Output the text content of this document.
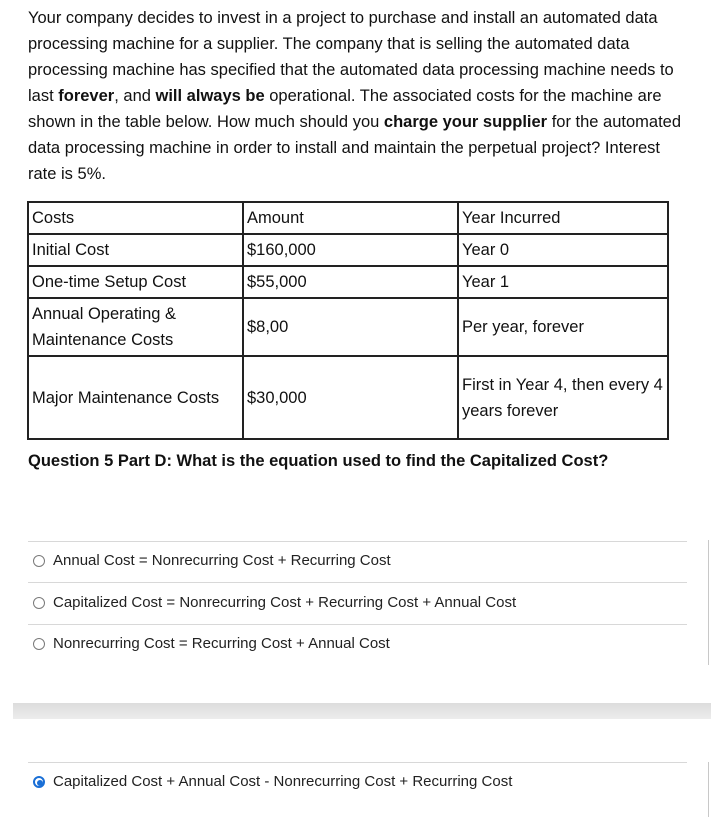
Your company decides to invest in a project to purchase and install an automated data processing machine for a supplier. The company that is selling the automated data processing machine has specified that the automated data processing machine needs to last forever, and will always be operational. The associated costs for the machine are shown in the table below. How much should you charge your supplier for the automated data processing machine in order to install and maintain the perpetual project? Interest rate is 5%.

Costs	Amount	Year Incurred
Initial Cost	$160,000	Year 0
One-time Setup Cost	$55,000	Year 1
Annual Operating & Maintenance Costs	$8,00	Per year, forever
Major Maintenance Costs	$30,000	First in Year 4, then every 4 years forever
Question 5 Part D: What is the equation used to find the Capitalized Cost?
Annual Cost = Nonrecurring Cost + Recurring Cost
Capitalized Cost = Nonrecurring Cost + Recurring Cost + Annual Cost
Nonrecurring Cost = Recurring Cost + Annual Cost
Capitalized Cost + Annual Cost - Nonrecurring Cost + Recurring Cost
